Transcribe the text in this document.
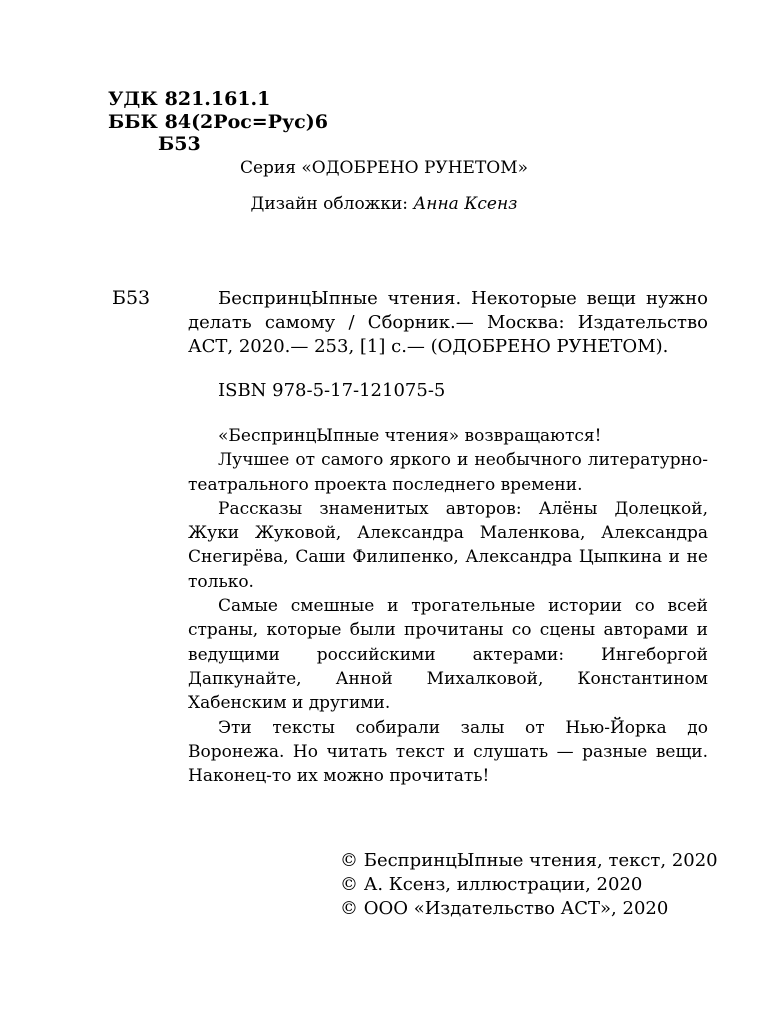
УДК 821.161.1
ББК 84(2Рос=Рус)6
Б53
Серия «ОДОБРЕНО РУНЕТОМ»
Дизайн обложки: Анна Ксенз
Б53	БеспринцЫпные чтения. Некоторые вещи нужно делать самому / Сборник.— Москва: Издательство АСТ, 2020.— 253, [1] с.— (ОДОБРЕНО РУНЕТОМ).

ISBN 978-5-17-121075-5

«БеспринцЫпные чтения» возвращаются!

Лучшее от самого яркого и необычного литературно-театрального проекта последнего времени.

Рассказы знаменитых авторов: Алёны Долецкой, Жуки Жуковой, Александра Маленкова, Александра Снегирёва, Саши Филипенко, Александра Цыпкина и не только.

Самые смешные и трогательные истории со всей страны, которые были прочитаны со сцены авторами и ведущими российскими актерами: Ингеборгой Дапкунайте, Анной Михалковой, Константином Хабенским и другими.

Эти тексты собирали залы от Нью-Йорка до Воронежа. Но читать текст и слушать — разные вещи. Наконец-то их можно прочитать!

© БеспринцЫпные чтения, текст, 2020
© А. Ксенз, иллюстрации, 2020
© ООО «Издательство АСТ», 2020
